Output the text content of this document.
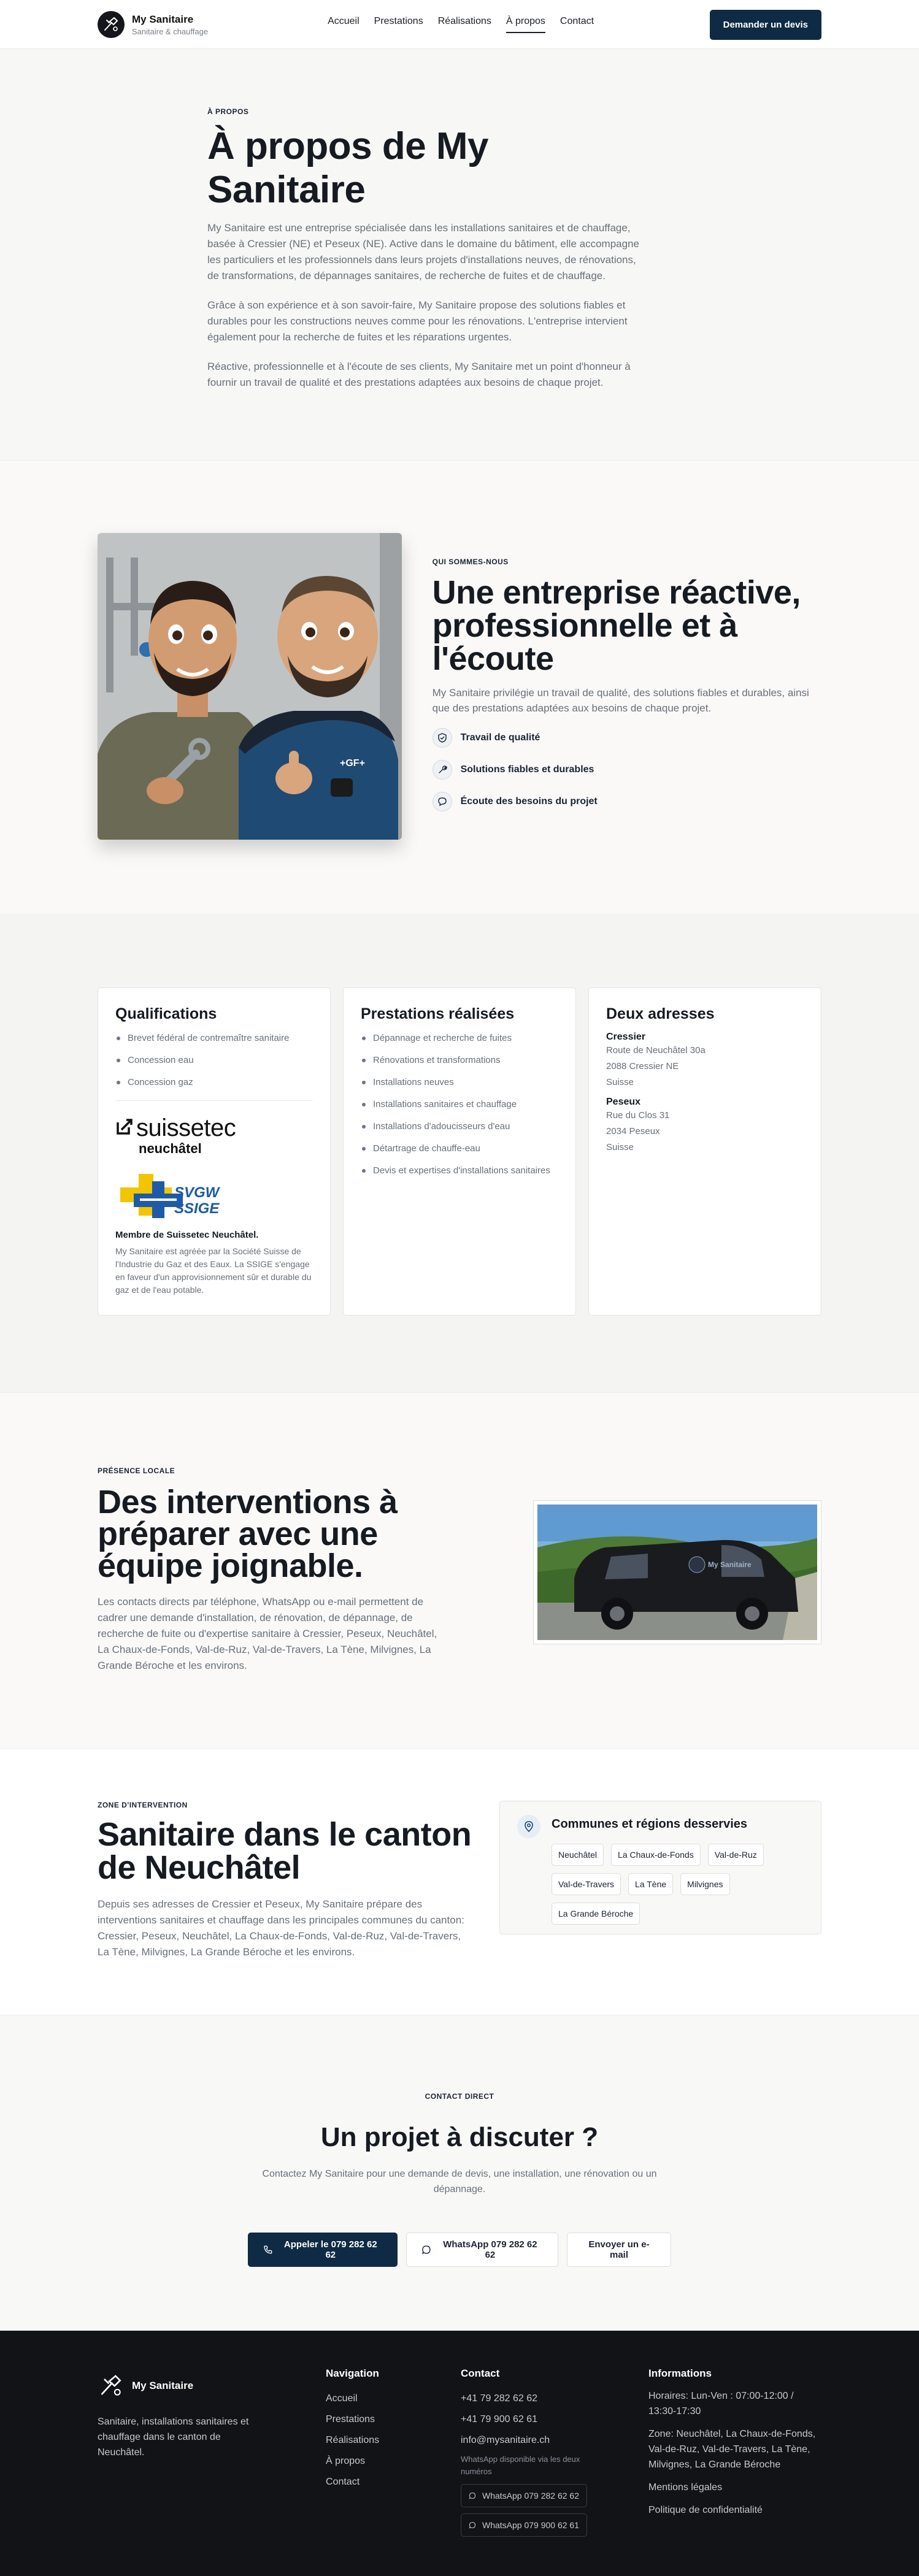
My Sanitaire
Sanitaire & chauffage
Accueil Prestations Réalisations À propos Contact	Demander un devis
À PROPOS
À propos de My Sanitaire

My Sanitaire est une entreprise spécialisée dans les installations sanitaires et de chauffage, basée à Cressier (NE) et Peseux (NE). Active dans le domaine du bâtiment, elle accompagne les particuliers et les professionnels dans leurs projets d'installations neuves, de rénovations, de transformations, de dépannages sanitaires, de recherche de fuites et de chauffage.

Grâce à son expérience et à son savoir-faire, My Sanitaire propose des solutions fiables et durables pour les constructions neuves comme pour les rénovations. L'entreprise intervient également pour la recherche de fuites et les réparations urgentes.

Réactive, professionnelle et à l'écoute de ses clients, My Sanitaire met un point d'honneur à fournir un travail de qualité et des prestations adaptées aux besoins de chaque projet.

+GF+
QUI SOMMES-NOUS
Une entreprise réactive, professionnelle et à l'écoute

My Sanitaire privilégie un travail de qualité, des solutions fiables et durables, ainsi que des prestations adaptées aux besoins de chaque projet.

Travail de qualité
Solutions fiables et durables
Écoute des besoins du projet
Qualifications
Brevet fédéral de contremaître sanitaire
Concession eau
Concession gaz
suissetec
neuchâtel
SVGW
SSIGE
Membre de Suissetec Neuchâtel.
My Sanitaire est agréée par la Société Suisse de l'Industrie du Gaz et des Eaux. La SSIGE s'engage en faveur d'un approvisionnement sûr et durable du gaz et de l'eau potable.
Prestations réalisées
Dépannage et recherche de fuites
Rénovations et transformations
Installations neuves
Installations sanitaires et chauffage
Installations d'adoucisseurs d'eau
Détartrage de chauffe-eau
Devis et expertises d'installations sanitaires
Deux adresses
Cressier
Route de Neuchâtel 30a
2088 Cressier NE
Suisse
Peseux
Rue du Clos 31
2034 Peseux
Suisse
PRÉSENCE LOCALE
Des interventions à préparer avec une équipe joignable.

Les contacts directs par téléphone, WhatsApp ou e-mail permettent de cadrer une demande d'installation, de rénovation, de dépannage, de recherche de fuite ou d'expertise sanitaire à Cressier, Peseux, Neuchâtel, La Chaux-de-Fonds, Val-de-Ruz, Val-de-Travers, La Tène, Milvignes, La Grande Béroche et les environs.

My Sanitaire
ZONE D'INTERVENTION
Sanitaire dans le canton de Neuchâtel

Depuis ses adresses de Cressier et Peseux, My Sanitaire prépare des interventions sanitaires et chauffage dans les principales communes du canton: Cressier, Peseux, Neuchâtel, La Chaux-de-Fonds, Val-de-Ruz, Val-de-Travers, La Tène, Milvignes, La Grande Béroche et les environs.

Communes et régions desservies
Neuchâtel	La Chaux-de-Fonds	Val-de-Ruz
Val-de-Travers	La Tène	Milvignes
La Grande Béroche
CONTACT DIRECT
Un projet à discuter ?

Contactez My Sanitaire pour une demande de devis, une installation, une rénovation ou un dépannage.

Appeler le 079 282 62 62
WhatsApp 079 282 62 62
Envoyer un e-mail
My Sanitaire
Sanitaire, installations sanitaires et chauffage dans le canton de Neuchâtel.
Navigation
Accueil
Prestations
Réalisations
À propos
Contact
Contact
+41 79 282 62 62
+41 79 900 62 61
info@mysanitaire.ch
WhatsApp disponible via les deux numéros
WhatsApp 079 282 62 62
WhatsApp 079 900 62 61
Informations
Horaires: Lun-Ven : 07:00-12:00 / 13:30-17:30
Zone: Neuchâtel, La Chaux-de-Fonds, Val-de-Ruz, Val-de-Travers, La Tène, Milvignes, La Grande Béroche
Mentions légales
Politique de confidentialité
